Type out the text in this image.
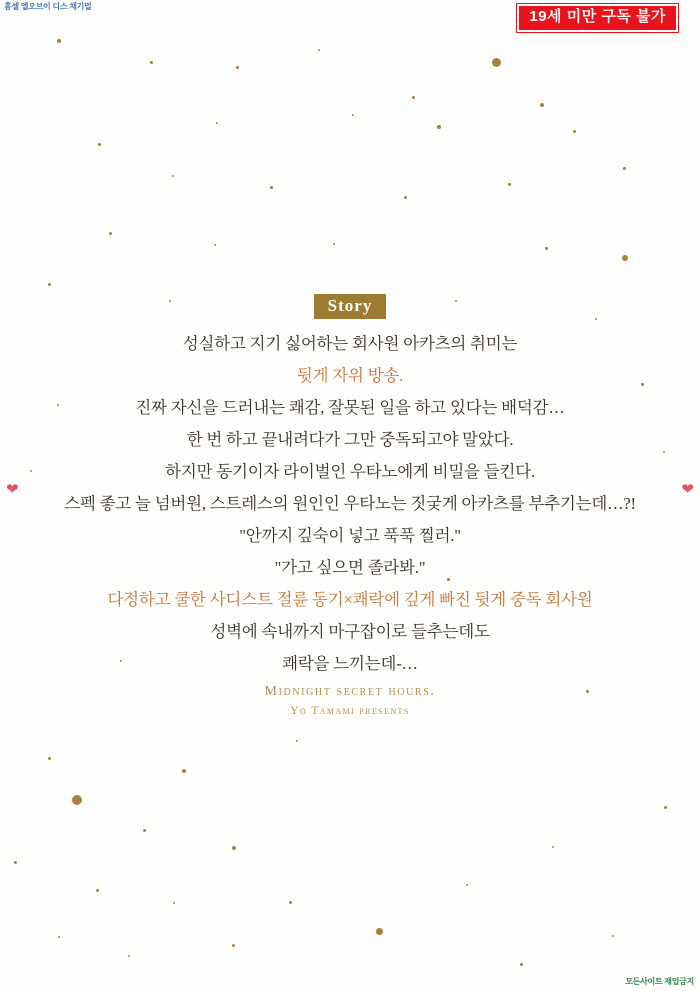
홈셀 엘오브이 디스 채기멀
19세 미만 구독 불가
❤	❤
Story
성실하고 지기 싫어하는 회사원 아카츠의 취미는
뒷게 자위 방송.
진짜 자신을 드러내는 쾌감, 잘못된 일을 하고 있다는 배덕감…
한 번 하고 끝내려다가 그만 중독되고야 말았다.
하지만 동기이자 라이벌인 우타노에게 비밀을 들킨다.
스펙 좋고 늘 넘버원, 스트레스의 원인인 우타노는 짓궂게 아카츠를 부추기는데…?!
"안까지 깊숙이 넣고 푹푹 찔러."
"가고 싶으면 졸라봐."
다정하고 쿨한 사디스트 절륜 동기×쾌락에 깊게 빠진 뒷게 중독 회사원
성벽에 속내까지 마구잡이로 들추는데도
쾌락을 느끼는데-…
Midnight secret hours.
Yo Tamami presents
모든사이트 재업금지
